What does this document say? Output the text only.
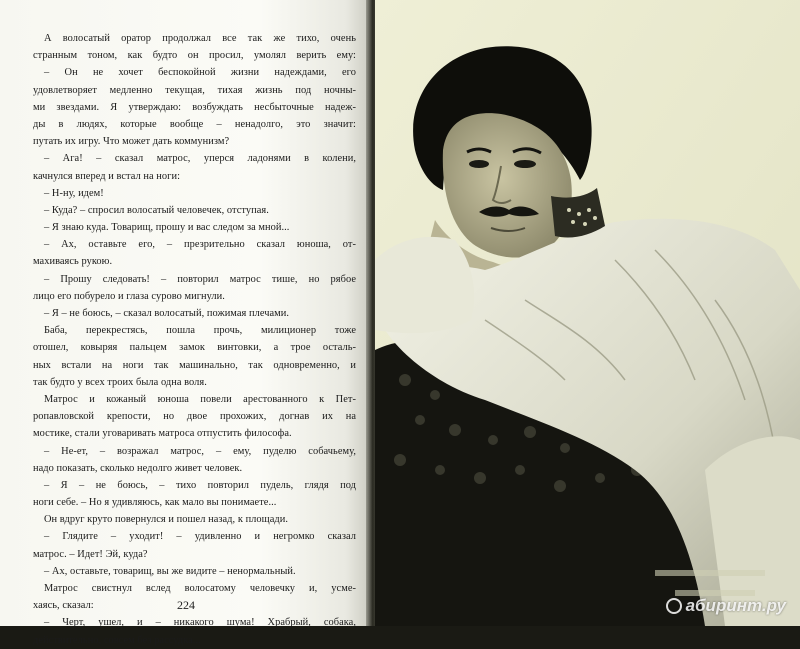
А волосатый оратор продолжал все так же тихо, очень
странным тоном, как будто он просил, умолял верить ему:
– Он не хочет беспокойной жизни надеждами, его
удовлетворяет медленно текущая, тихая жизнь под ночны-
ми звездами. Я утверждаю: возбуждать несбыточные надеж-
ды в людях, которые вообще – ненадолго, это значит:
путать их игру. Что может дать коммунизм?
– Ага! – сказал матрос, уперся ладонями в колени,
качнулся вперед и встал на ноги:
– Н-ну, идем!
– Куда? – спросил волосатый человечек, отступая.
– Я знаю куда. Товарищ, прошу и вас следом за мной...
– Ах, оставьте его, – презрительно сказал юноша, от-
махиваясь рукою.
– Прошу следовать! – повторил матрос тише, но рябое
лицо его побурело и глаза сурово мигнули.
– Я – не боюсь, – сказал волосатый, пожимая плечами.
Баба, перекрестясь, пошла прочь, милиционер тоже
отошел, ковыряя пальцем замок винтовки, а трое осталь-
ных встали на ноги так машинально, так одновременно, и
так будто у всех троих была одна воля.
Матрос и кожаный юноша повели арестованного к Пет-
ропавловской крепости, но двое прохожих, догнав их на
мостике, стали уговаривать матроса отпустить философа.
– Не-ет, – возражал матрос, – ему, пуделю собачьему,
надо показать, сколько недолго живет человек.
– Я – не боюсь, – тихо повторил пудель, глядя под
ноги себе. – Но я удивляюсь, как мало вы понимаете...
Он вдруг круто повернулся и пошел назад, к площади.
– Глядите – уходит! – удивленно и негромко сказал
матрос. – Идет! Эй, куда?
– Ах, оставьте, товарищ, вы же видите – ненормальный.
Матрос свистнул вслед волосатому человечку и, усме-
хаясь, сказал:
– Черт, ушел, и – никакого шума! Храбрый, собака,
действительно, совсем без рассудка...
224	абиринт.ру
